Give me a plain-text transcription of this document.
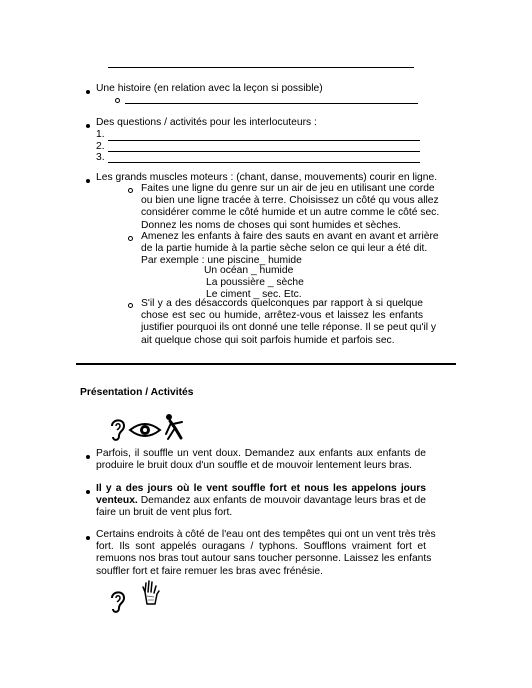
Une histoire (en relation avec la leçon si possible)
Des questions / activités pour les interlocuteurs :
1.
2.
3.
Les grands muscles moteurs : (chant, danse, mouvements) courir en ligne.
Faites une ligne du genre sur un air de jeu en utilisant une corde
ou bien une ligne tracée à terre. Choisissez un côté qu vous allez
considérer comme le côté humide et un autre comme le côté sec.
Donnez les noms de choses qui sont humides et sèches.
Amenez les enfants à faire des sauts en avant en avant et arrière
de la partie humide à la partie sèche selon ce qui leur a été dit.
Par exemple : une piscine_ humide
Un océan _ humide
La poussière _ sèche
Le ciment _ sec. Etc.
S'il y a des désaccords quelconques par rapport à si quelque
chose est sec ou humide, arrêtez-vous et laissez les enfants
justifier pourquoi ils ont donné une telle réponse. Il se peut qu'il y
ait quelque chose qui soit parfois humide et parfois sec.
Présentation / Activités
Parfois, il souffle un vent doux. Demandez aux enfants aux enfants de
produire le bruit doux d'un souffle et de mouvoir lentement leurs bras.
Il y a des jours où le vent souffle fort et nous les appelons jours
venteux. Demandez aux enfants de mouvoir davantage leurs bras et de
faire un bruit de vent plus fort.
Certains endroits à côté de l'eau ont des tempêtes qui ont un vent très très
fort. Ils sont appelés ouragans / typhons. Soufflons vraiment fort et
remuons nos bras tout autour sans toucher personne. Laissez les enfants
souffler fort et faire remuer les bras avec frénésie.
